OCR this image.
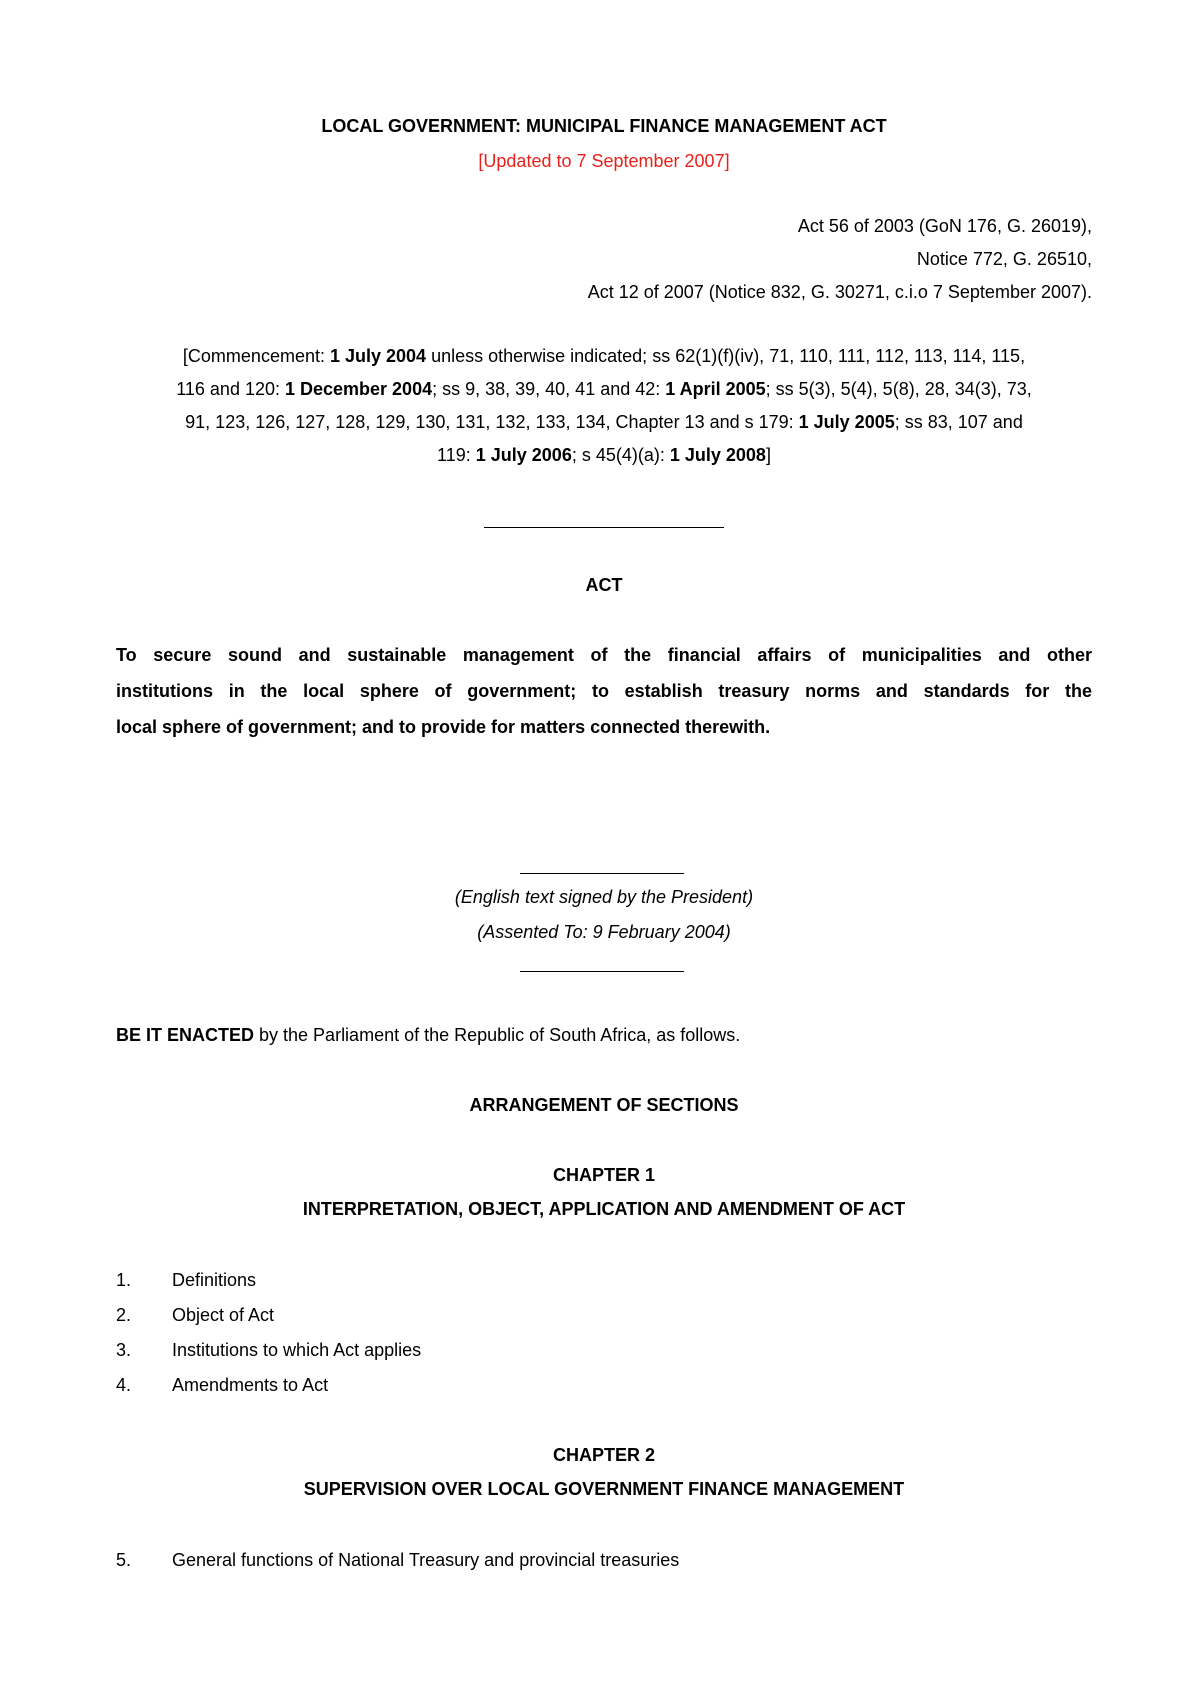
LOCAL GOVERNMENT: MUNICIPAL FINANCE MANAGEMENT ACT
[Updated to 7 September 2007]
Act 56 of 2003 (GoN 176, G. 26019),
Notice 772, G. 26510,
Act 12 of 2007 (Notice 832, G. 30271, c.i.o 7 September 2007).
[Commencement: 1 July 2004 unless otherwise indicated; ss 62(1)(f)(iv), 71, 110, 111, 112, 113, 114, 115,
116 and 120: 1 December 2004; ss 9, 38, 39, 40, 41 and 42: 1 April 2005; ss 5(3), 5(4), 5(8), 28, 34(3), 73,
91, 123, 126, 127, 128, 129, 130, 131, 132, 133, 134, Chapter 13 and s 179: 1 July 2005; ss 83, 107 and
119: 1 July 2006; s 45(4)(a): 1 July 2008]
ACT
To secure sound and sustainable management of the financial affairs of municipalities and other
institutions in the local sphere of government; to establish treasury norms and standards for the
local sphere of government; and to provide for matters connected therewith.
(English text signed by the President)
(Assented To: 9 February 2004)
BE IT ENACTED by the Parliament of the Republic of South Africa, as follows.
ARRANGEMENT OF SECTIONS
CHAPTER 1
INTERPRETATION, OBJECT, APPLICATION AND AMENDMENT OF ACT
1. Definitions
2. Object of Act
3. Institutions to which Act applies
4. Amendments to Act
CHAPTER 2
SUPERVISION OVER LOCAL GOVERNMENT FINANCE MANAGEMENT
5. General functions of National Treasury and provincial treasuries
